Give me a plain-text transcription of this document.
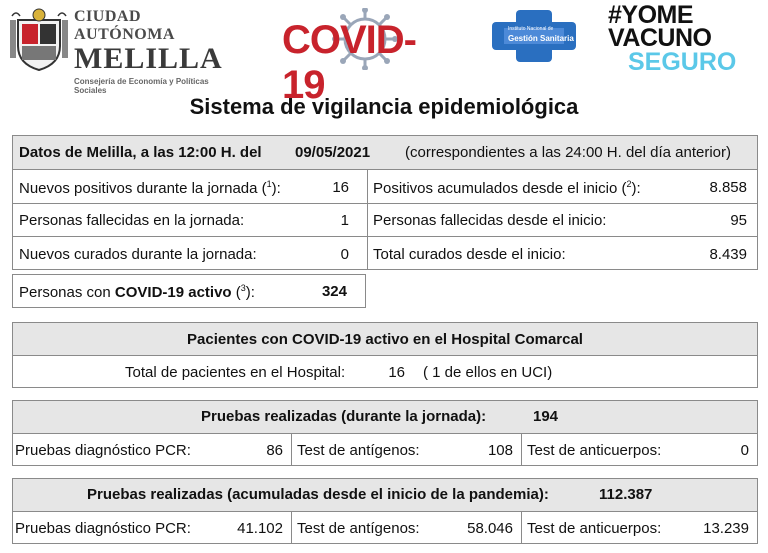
CIUDAD AUTÓNOMA
MELILLA
Consejería de Economía y Políticas Sociales
COVID-19
Instituto Nacional de
Gestión Sanitaria
#YOME
VACUNO
SEGURO
Sistema de vigilancia epidemiológica
Datos de Melilla, a las 12:00 H. del 09/05/2021 (correspondientes a las 24:00 H. del día anterior)
Nuevos positivos durante la jornada ($^1$):	16 Positivos acumulados desde el inicio ($^2$):	8.858
Personas fallecidas en la jornada:	1 Personas fallecidas desde el inicio:	95
Nuevos curados durante la jornada:	0 Total curados desde el inicio:	8.439
Personas con COVID-19 activo ($^3$):	324
Pacientes con COVID-19 activo en el Hospital Comarcal
Total de pacientes en el Hospital:	16 ( 1 de ellos en UCI)
Pruebas realizadas (durante la jornada):	194
Pruebas diagnóstico PCR:	86 Test de antígenos:	108 Test de anticuerpos:	0
Pruebas realizadas (acumuladas desde el inicio de la pandemia):	112.387
Pruebas diagnóstico PCR:	41.102 Test de antígenos:	58.046 Test de anticuerpos:	13.239
